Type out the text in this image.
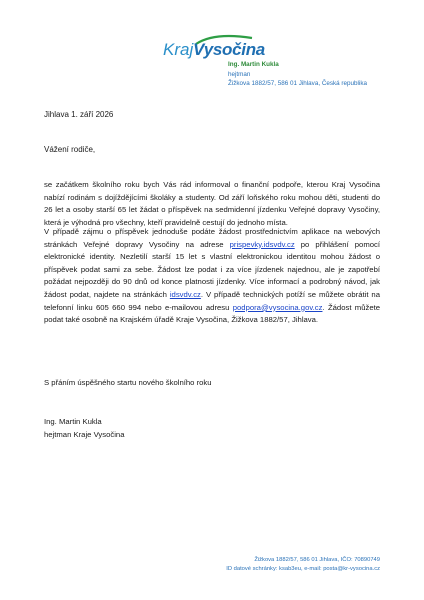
Kraj Vysočina
Ing. Martin Kukla
hejtman
Žižkova 1882/57, 586 01 Jihlava, Česká republika
Jihlava 1. září 2026
Vážení rodiče,
se začátkem školního roku bych Vás rád informoval o finanční podpoře, kterou Kraj Vysočina nabízí rodinám s dojíždějícími školáky a studenty. Od září loňského roku mohou děti, studenti do 26 let a osoby starší 65 let žádat o příspěvek na sedmidenní jízdenku Veřejné dopravy Vysočiny, která je výhodná pro všechny, kteří pravidelně cestují do jednoho místa.
V případě zájmu o příspěvek jednoduše podáte žádost prostřednictvím aplikace na webových stránkách Veřejné dopravy Vysočiny na adrese prispevky.idsvdv.cz po přihlášení pomocí elektronické identity. Nezletilí starší 15 let s vlastní elektronickou identitou mohou žádost o příspěvek podat sami za sebe. Žádost lze podat i za více jízdenek najednou, ale je zapotřebí požádat nejpozději do 90 dnů od konce platnosti jízdenky. Více informací a podrobný návod, jak žádost podat, najdete na stránkách idsvdv.cz. V případě technických potíží se můžete obrátit na telefonní linku 605 660 994 nebo e-mailovou adresu podpora@vysocina.gov.cz. Žádost můžete podat také osobně na Krajském úřadě Kraje Vysočina, Žižkova 1882/57, Jihlava.
S přáním úspěšného startu nového školního roku
Ing. Martin Kukla
hejtman Kraje Vysočina
Žižkova 1882/57, 586 01 Jihlava, IČO: 70890749
ID datové schránky: ksab3eu, e-mail: posta@kr-vysocina.cz
